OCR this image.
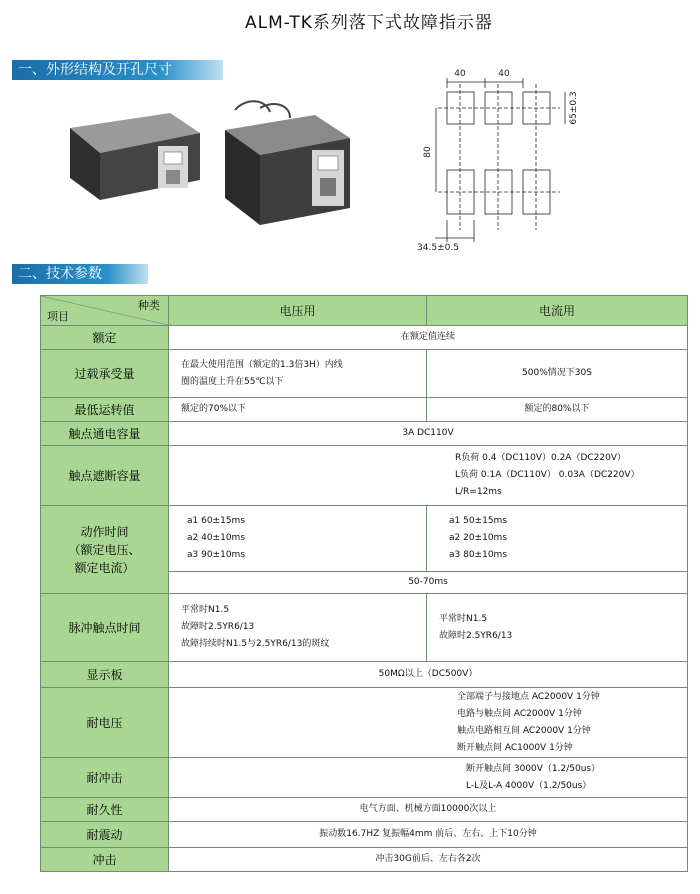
ALM-TK系列落下式故障指示器
一、外形结构及开孔尺寸	40	40
65±0.3
80
34.5±0.5
二、技术参数
种类
项目	电压用	电流用
额定	在额定值连续	
过载承受量	在最大使用范围（额定的1.3倍3H）内线
圈的温度上升在55℃以下	500%情况下30S
最低运转值	额定的70%以下	额定的80%以下
触点通电容量	3A DC110V	
触点遮断容量	R负荷 0.4（DC110V）0.2A（DC220V）
L负荷 0.1A（DC110V） 0.03A（DC220V）
L/R=12ms	

动作时间
（额定电压、
额定电流）	a1 60±15ms
a2 40±10ms
a3 90±10ms	a1 50±15ms
a2 20±10ms
a3 80±10ms

	50-70ms	
脉冲触点时间	平常时N1.5
故障时2.5YR6/13
故障持续时N1.5与2.5YR6/13的斑纹	平常时N1.5
故障时2.5YR6/13

显示板	50MΩ以上（DC500V）	
耐电压	全部端子与接地点 AC2000V 1分钟
电路与触点间 AC2000V 1分钟
触点电路相互间 AC2000V 1分钟
断开触点间 AC1000V 1分钟	

耐冲击	断开触点间 3000V（1.2/50us）
L-L及L-A 4000V（1.2/50us）	

耐久性	电气方面、机械方面10000次以上	
耐震动	振动数16.7HZ 复振幅4mm 前后、左右、上下10分钟	
冲击	冲击30G前后、左右各2次	
